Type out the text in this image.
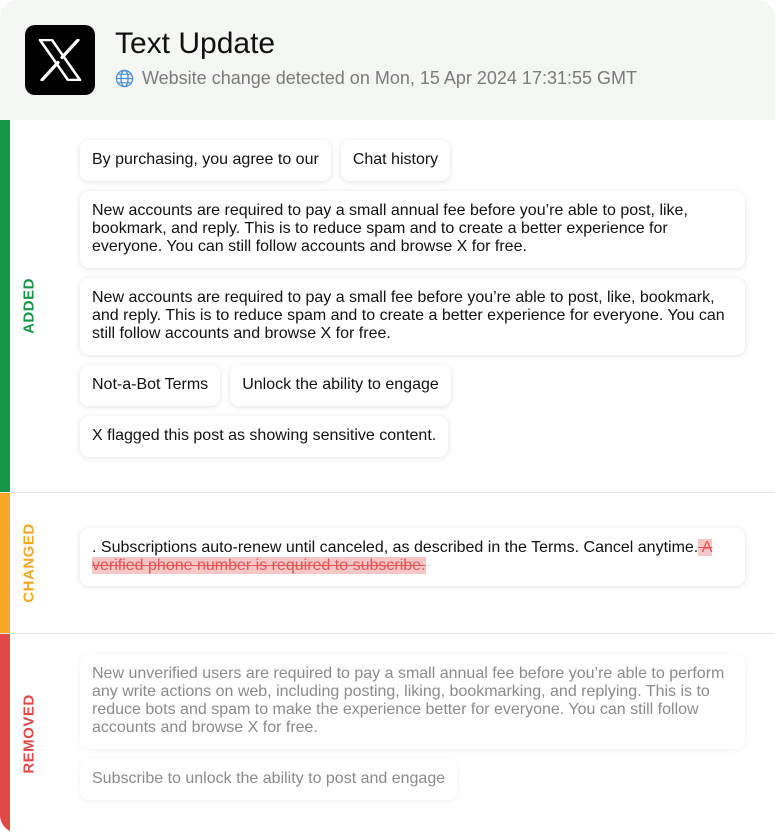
Text Update
Website change detected on Mon, 15 Apr 2024 17:31:55 GMT
ADDED
By purchasing, you agree to our	Chat history
New accounts are required to pay a small annual fee before you’re able to post, like, bookmark, and reply. This is to reduce spam and to create a better experience for everyone. You can still follow accounts and browse X for free.
New accounts are required to pay a small fee before you’re able to post, like, bookmark, and reply. This is to reduce spam and to create a better experience for everyone. You can still follow accounts and browse X for free.
Not-a-Bot Terms	Unlock the ability to engage
X flagged this post as showing sensitive content.
CHANGED	. Subscriptions auto-renew until canceled, as described in the Terms. Cancel anytime. A verified phone number is required to subscribe.
REMOVED
New unverified users are required to pay a small annual fee before you’re able to perform any write actions on web, including posting, liking, bookmarking, and replying. This is to reduce bots and spam to make the experience better for everyone. You can still follow accounts and browse X for free.
Subscribe to unlock the ability to post and engage
